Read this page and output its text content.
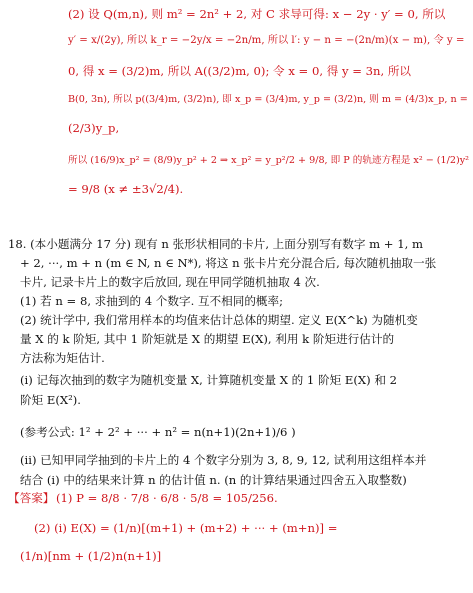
(2) 设 Q(m,n), 则 m² = 2n² + 2, 对 C 求导可得: x − 2y · y′ = 0, 所以
y′ = x/(2y), 所以 k_r = −2y/x = −2n/m, 所以 l′: y − n = −(2n/m)(x − m), 令 y =
0, 得 x = (3/2)m, 所以 A((3/2)m, 0); 令 x = 0, 得 y = 3n, 所以
B(0, 3n), 所以 p((3/4)m, (3/2)n), 即 x_p = (3/4)m, y_p = (3/2)n, 则 m = (4/3)x_p, n =
(2/3)y_p,
所以 (16/9)x_p² = (8/9)y_p² + 2 ⇒ x_p² = y_p²/2 + 9/8, 即 P 的轨迹方程是 x² − (1/2)y²
= 9/8 (x ≠ ±3√2/4).
18. (本小题满分 17 分) 现有 n 张形状相同的卡片, 上面分别写有数字 m + 1, m
+ 2, ···, m + n (m ∈ N, n ∈ N*), 将这 n 张卡片充分混合后, 每次随机抽取一张
卡片, 记录卡片上的数字后放回, 现在甲同学随机抽取 4 次.
(1) 若 n = 8, 求抽到的 4 个数字. 互不相同的概率;
(2) 统计学中, 我们常用样本的均值来估计总体的期望. 定义 E(X^k) 为随机变
量 X 的 k 阶矩, 其中 1 阶矩就是 X 的期望 E(X), 利用 k 阶矩进行估计的
方法称为矩估计.
(i) 记每次抽到的数字为随机变量 X, 计算随机变量 X 的 1 阶矩 E(X) 和 2
阶矩 E(X²).
(参考公式: 1² + 2² + ··· + n² = n(n+1)(2n+1)/6 )
(ii) 已知甲同学抽到的卡片上的 4 个数字分别为 3, 8, 9, 12, 试利用这组样本并
结合 (i) 中的结果来计算 n 的估计值 n. (n 的计算结果通过四舍五入取整数)
【答案】 (1) P = 8/8 · 7/8 · 6/8 · 5/8 = 105/256.
(2) (i) E(X) = (1/n)[(m+1) + (m+2) + ··· + (m+n)] =
(1/n)[nm + (1/2)n(n+1)]
